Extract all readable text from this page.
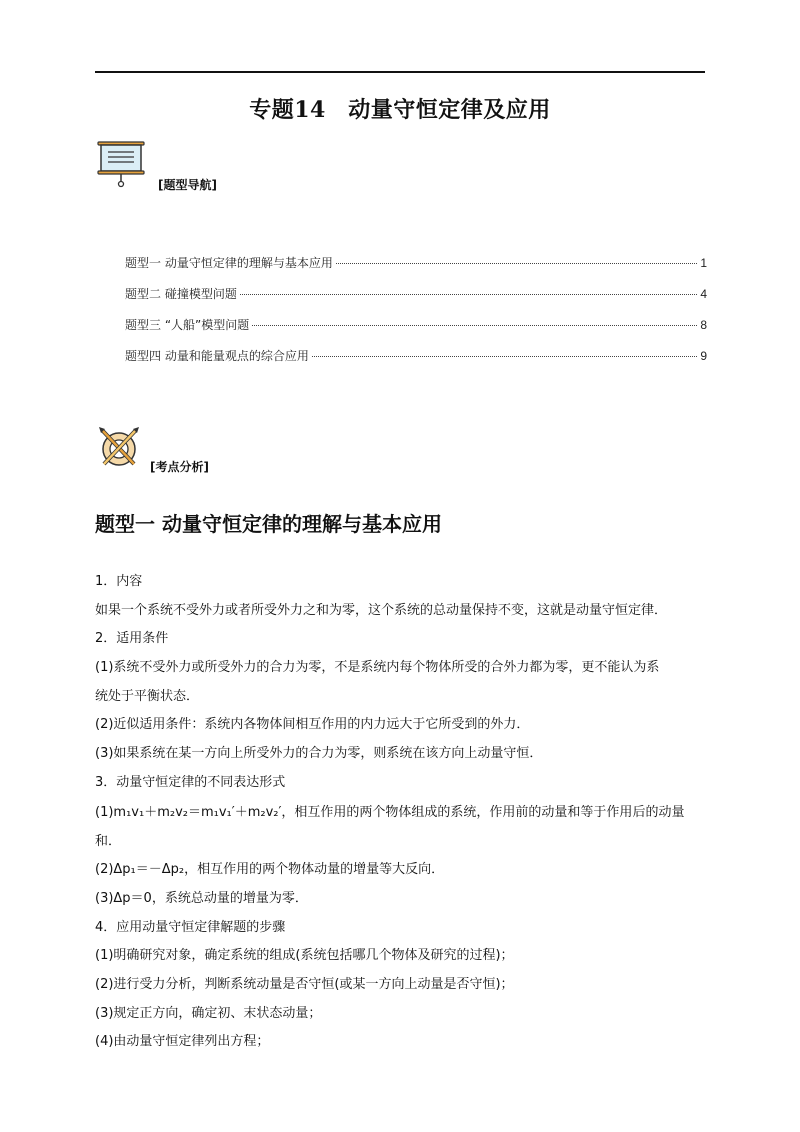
专题14　动量守恒定律及应用
[题型导航]
题型一 动量守恒定律的理解与基本应用	1
题型二 碰撞模型问题	4
题型三 “人船”模型问题	8
题型四 动量和能量观点的综合应用	9
[考点分析]
题型一 动量守恒定律的理解与基本应用
1．内容
如果一个系统不受外力或者所受外力之和为零，这个系统的总动量保持不变，这就是动量守恒定律．
2．适用条件
(1)系统不受外力或所受外力的合力为零，不是系统内每个物体所受的合外力都为零，更不能认为系
统处于平衡状态．
(2)近似适用条件：系统内各物体间相互作用的内力远大于它所受到的外力．
(3)如果系统在某一方向上所受外力的合力为零，则系统在该方向上动量守恒．
3．动量守恒定律的不同表达形式
(1)m₁v₁＋m₂v₂＝m₁v₁′＋m₂v₂′，相互作用的两个物体组成的系统，作用前的动量和等于作用后的动量
和．
(2)Δp₁＝－Δp₂，相互作用的两个物体动量的增量等大反向．
(3)Δp＝0，系统总动量的增量为零．
4．应用动量守恒定律解题的步骤
(1)明确研究对象，确定系统的组成(系统包括哪几个物体及研究的过程)；
(2)进行受力分析，判断系统动量是否守恒(或某一方向上动量是否守恒)；
(3)规定正方向，确定初、末状态动量；
(4)由动量守恒定律列出方程；
